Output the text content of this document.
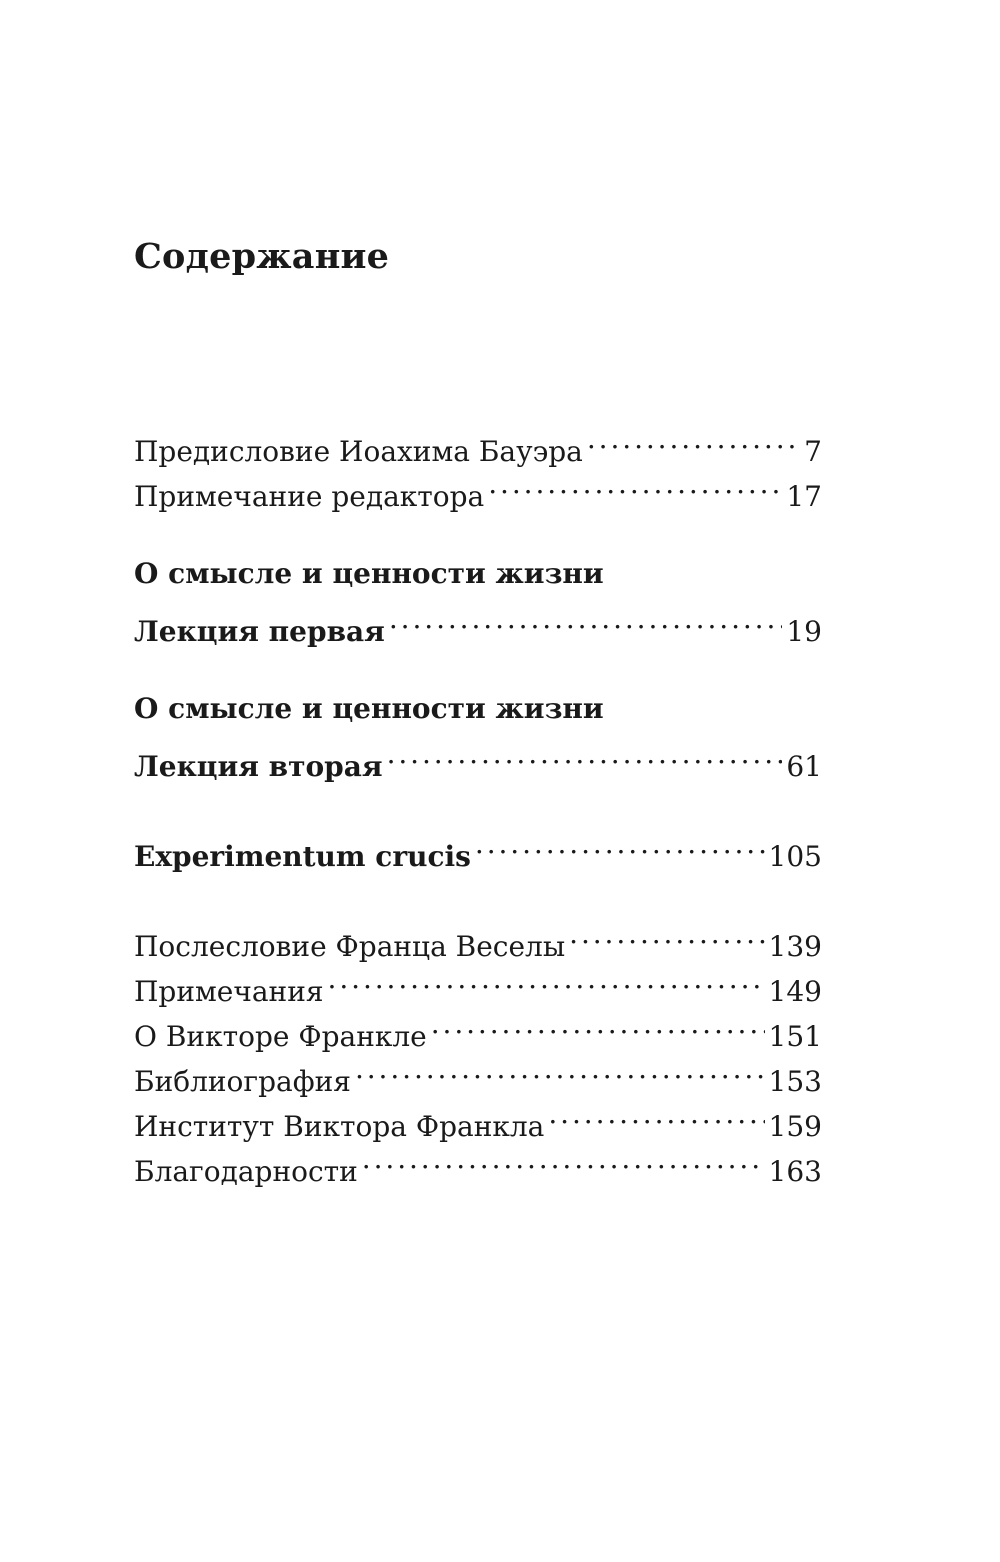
Содержание
Предисловие Иоахима Бауэра . . .	7
Примечание редактора . . .	17
О смысле и ценности жизни
Лекция первая . . .	19
О смысле и ценности жизни
Лекция вторая . . .	61
Experimentum crucis . . .	105
Послесловие Франца Веселы . . .	139
Примечания . . .	149
О Викторе Франкле . . .	151
Библиография . . .	153
Институт Виктора Франкла . . .	159
Благодарности . . .	163
